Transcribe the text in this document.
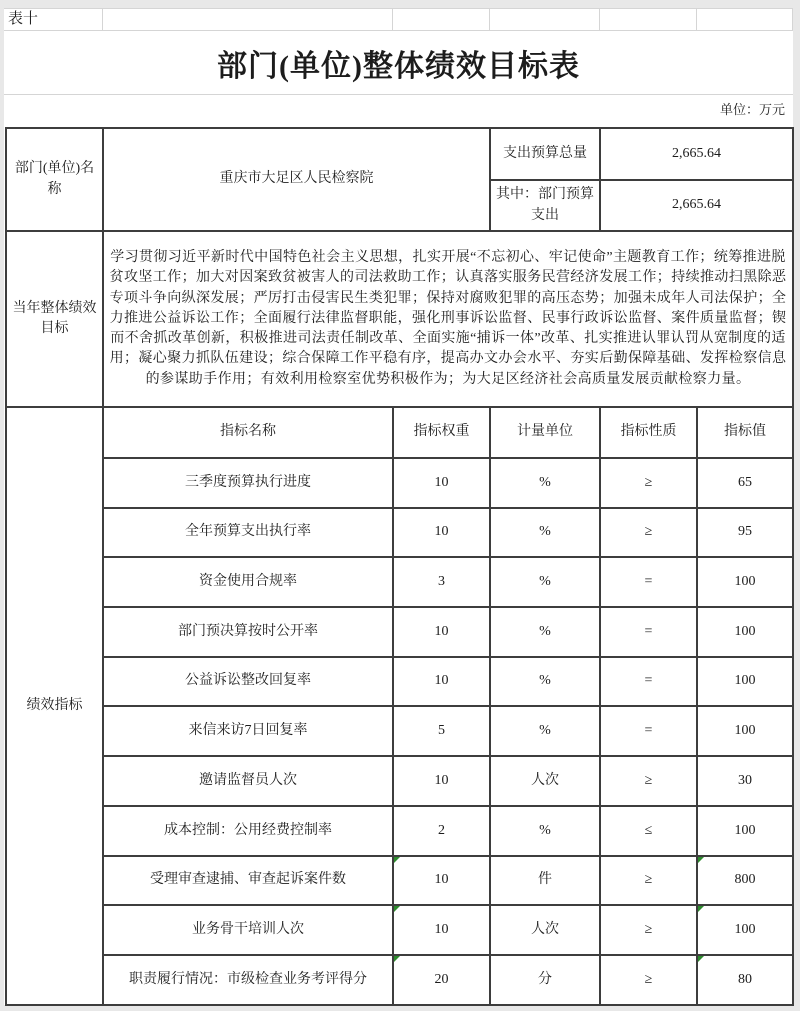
表十
部门(单位)整体绩效目标表
单位：万元
部门(单位)名称	重庆市大足区人民检察院		支出预算总量	2,665.64	
			其中：部门预算支出	2,665.64	
当年整体绩效目标	学习贯彻习近平新时代中国特色社会主义思想，扎实开展“不忘初心、牢记使命”主题教育工作；统筹推进脱贫攻坚工作；加大对因案致贫被害人的司法救助工作；认真落实服务民营经济发展工作；持续推动扫黑除恶专项斗争向纵深发展；严厉打击侵害民生类犯罪；保持对腐败犯罪的高压态势；加强未成年人司法保护；全力推进公益诉讼工作；全面履行法律监督职能，强化刑事诉讼监督、民事行政诉讼监督、案件质量监督；锲而不舍抓改革创新，积极推进司法责任制改革、全面实施“捕诉一体”改革、扎实推进认罪认罚从宽制度的适用；凝心聚力抓队伍建设；综合保障工作平稳有序，提高办文办会水平、夯实后勤保障基础、发挥检察信息的参谋助手作用；有效利用检察室优势积极作为；为大足区经济社会高质量发展贡献检察力量。				
绩效指标	指标名称	指标权重	计量单位	指标性质	指标值
	三季度预算执行进度	10	%	≥	65
	全年预算支出执行率	10	%	≥	95
	资金使用合规率	3	%	=	100
	部门预决算按时公开率	10	%	=	100
	公益诉讼整改回复率	10	%	=	100
	来信来访7日回复率	5	%	=	100
	邀请监督员人次	10	人次	≥	30
	成本控制：公用经费控制率	2	%	≤	100
	受理审查逮捕、审查起诉案件数	10	件	≥	800
	业务骨干培训人次	10	人次	≥	100
	职责履行情况：市级检查业务考评得分	20	分	≥	80
